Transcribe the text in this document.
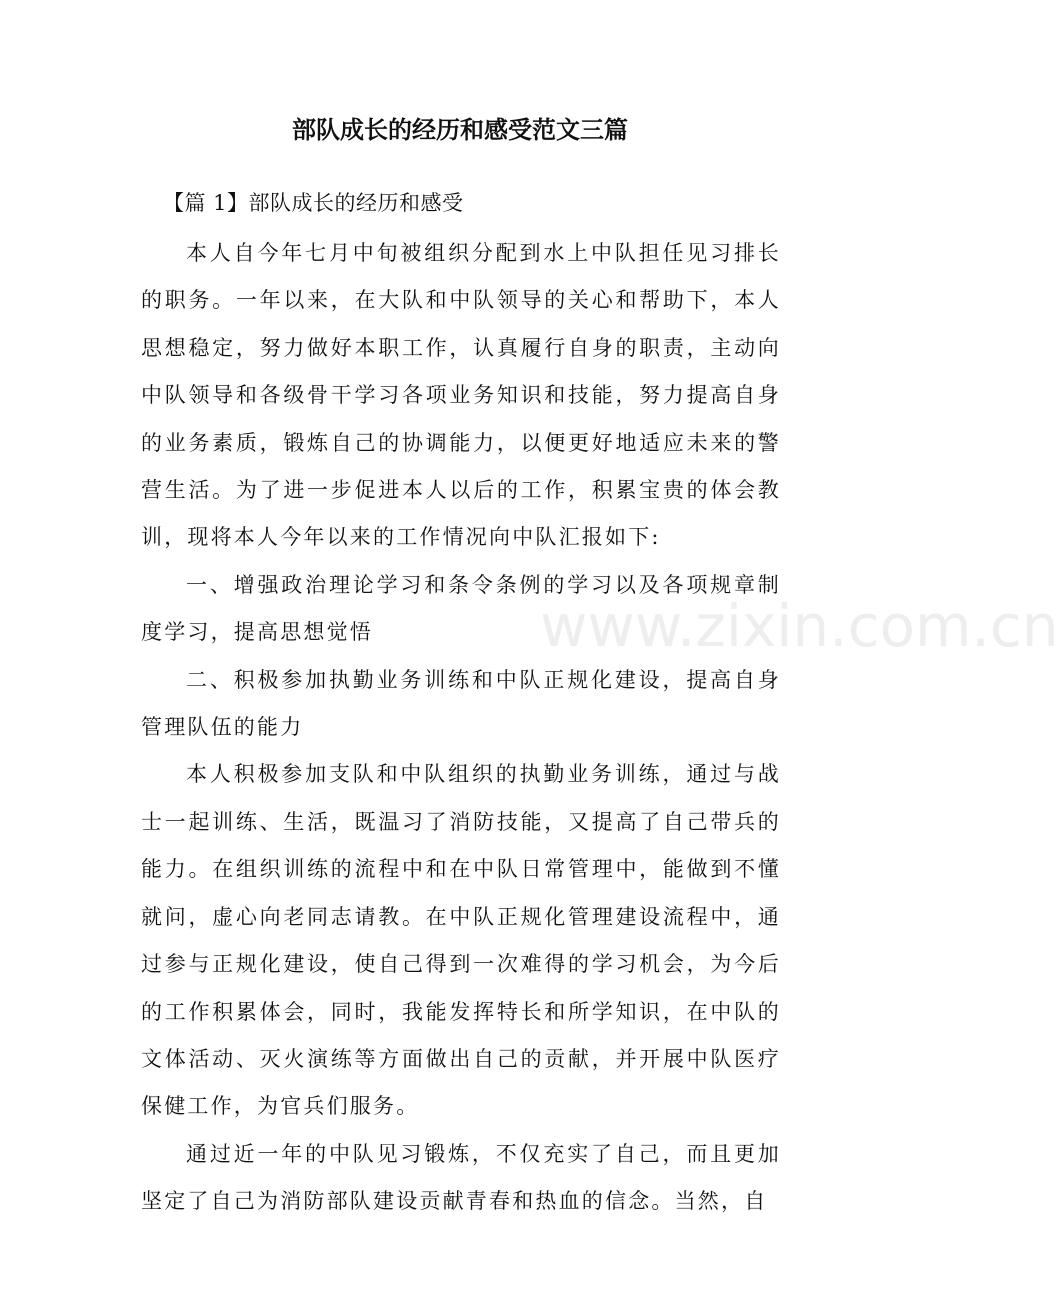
www.zixin.com.cn
部队成长的经历和感受范文三篇
【篇 1】部队成长的经历和感受

本人自今年七月中旬被组织分配到水上中队担任见习排长的职务。一年以来，在大队和中队领导的关心和帮助下，本人思想稳定，努力做好本职工作，认真履行自身的职责，主动向中队领导和各级骨干学习各项业务知识和技能，努力提高自身的业务素质，锻炼自己的协调能力，以便更好地适应未来的警营生活。为了进一步促进本人以后的工作，积累宝贵的体会教训，现将本人今年以来的工作情况向中队汇报如下:

一、增强政治理论学习和条令条例的学习以及各项规章制度学习，提高思想觉悟

二、积极参加执勤业务训练和中队正规化建设，提高自身管理队伍的能力

本人积极参加支队和中队组织的执勤业务训练，通过与战士一起训练、生活，既温习了消防技能，又提高了自己带兵的能力。在组织训练的流程中和在中队日常管理中，能做到不懂就问，虚心向老同志请教。在中队正规化管理建设流程中，通过参与正规化建设，使自己得到一次难得的学习机会，为今后的工作积累体会，同时，我能发挥特长和所学知识，在中队的文体活动、灭火演练等方面做出自己的贡献，并开展中队医疗保健工作，为官兵们服务。

通过近一年的中队见习锻炼，不仅充实了自己，而且更加坚定了自己为消防部队建设贡献青春和热血的信念。当然，自
